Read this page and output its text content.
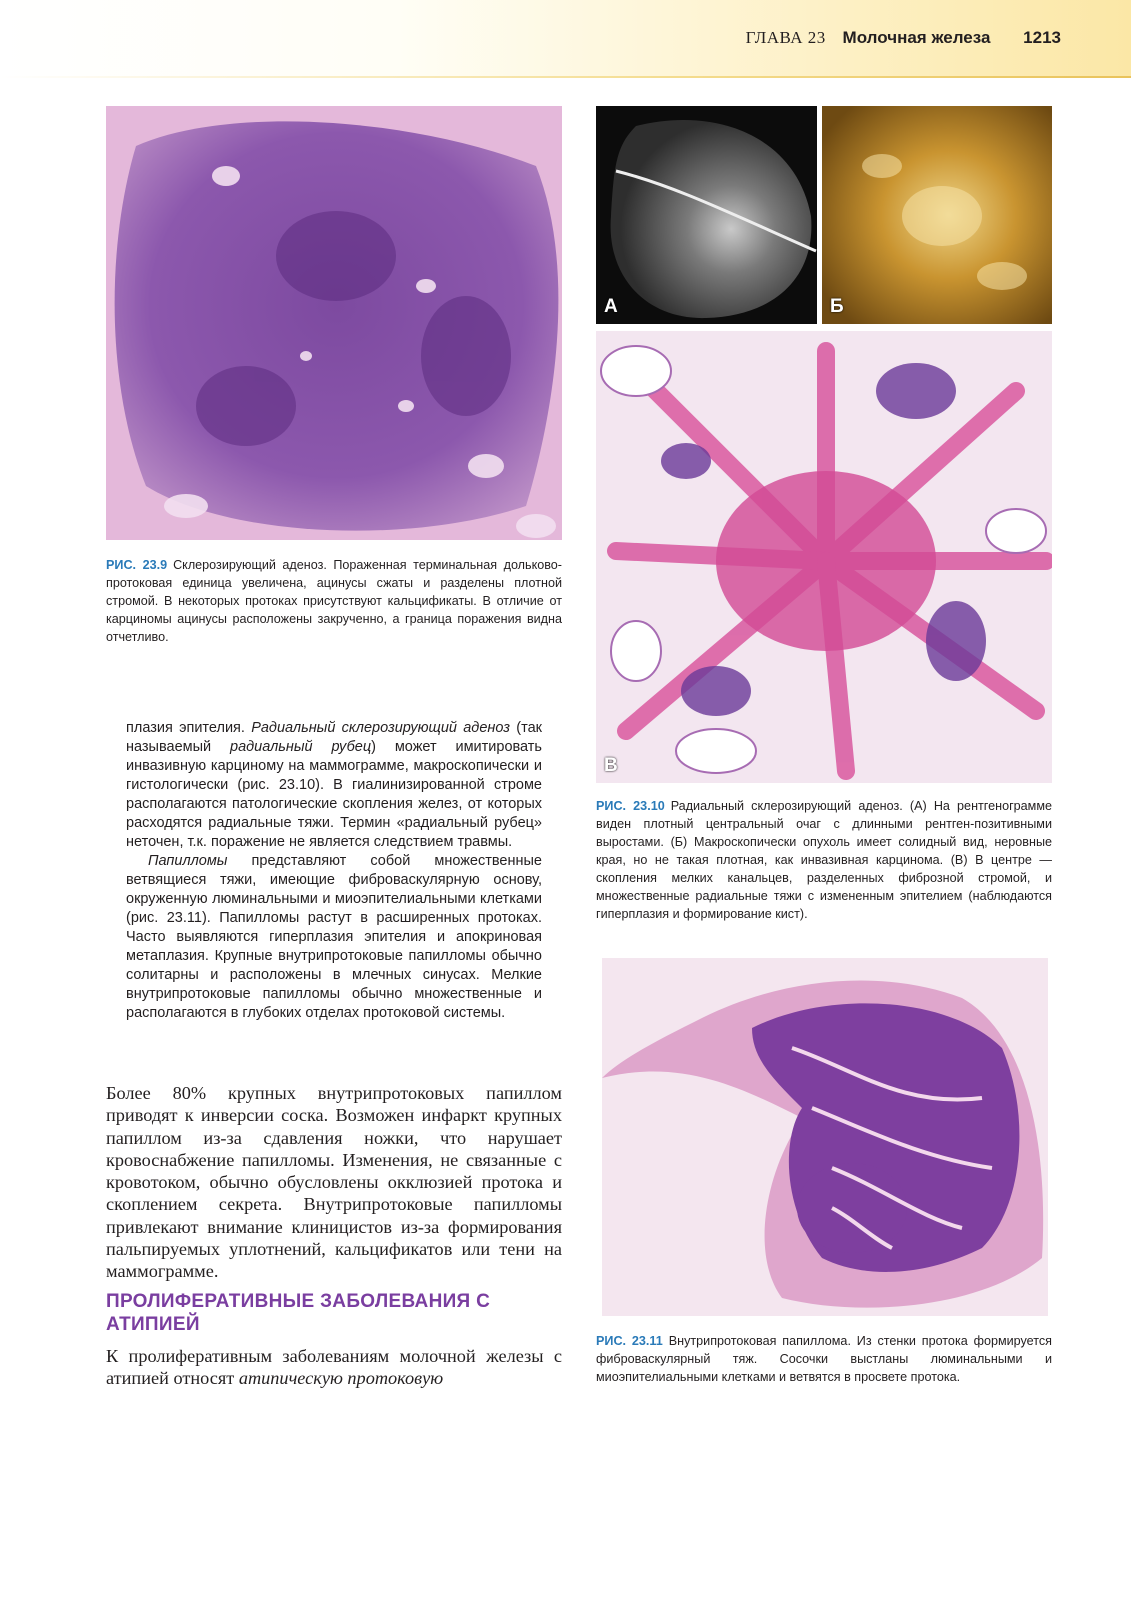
ГЛАВА 23 Молочная железа 1213
РИС. 23.9 Склерозирующий аденоз. Пораженная терминальная дольково-протоковая единица увеличена, ацинусы сжаты и разделены плотной стромой. В некоторых протоках присутствуют кальцификаты. В отличие от карциномы ацинусы расположены закрученно, а граница поражения видна отчетливо.
А	Б
В
РИС. 23.10 Радиальный склерозирующий аденоз. (А) На рентгенограмме виден плотный центральный очаг с длинными рентген-позитивными выростами. (Б) Макроскопически опухоль имеет солидный вид, неровные края, но не такая плотная, как инвазивная карцинома. (В) В центре — скопления мелких канальцев, разделенных фиброзной стромой, и множественные радиальные тяжи с измененным эпителием (наблюдаются гиперплазия и формирование кист).
РИС. 23.11 Внутрипротоковая папиллома. Из стенки протока формируется фиброваскулярный тяж. Сосочки выстланы люминальными и миоэпителиальными клетками и ветвятся в просвете протока.

плазия эпителия. Радиальный склерозирующий аденоз (так называемый радиальный рубец) может имитировать инвазивную карциному на маммограмме, макроскопически и гистологически (рис. 23.10). В гиалинизированной строме располагаются патологические скопления желез, от которых расходятся радиальные тяжи. Термин «радиальный рубец» неточен, т.к. поражение не является следствием травмы.

Папилломы представляют собой множественные ветвящиеся тяжи, имеющие фиброваскулярную основу, окруженную люминальными и миоэпителиальными клетками (рис. 23.11). Папилломы растут в расширенных протоках. Часто выявляются гиперплазия эпителия и апокриновая метаплазия. Крупные внутрипротоковые папилломы обычно солитарны и расположены в млечных синусах. Мелкие внутрипротоковые папилломы обычно множественные и располагаются в глубоких отделах протоковой системы.

Более 80% крупных внутрипротоковых папиллом приводят к инверсии соска. Возможен инфаркт крупных папиллом из-за сдавления ножки, что нарушает кровоснабжение папилломы. Изменения, не связанные с кровотоком, обычно обусловлены окклюзией протока и скоплением секрета. Внутрипротоковые папилломы привлекают внимание клиницистов из-за формирования пальпируемых уплотнений, кальцификатов или тени на маммограмме.
ПРОЛИФЕРАТИВНЫЕ ЗАБОЛЕВАНИЯ С АТИПИЕЙ
К пролиферативным заболеваниям молочной железы с атипией относят атипическую протоковую
